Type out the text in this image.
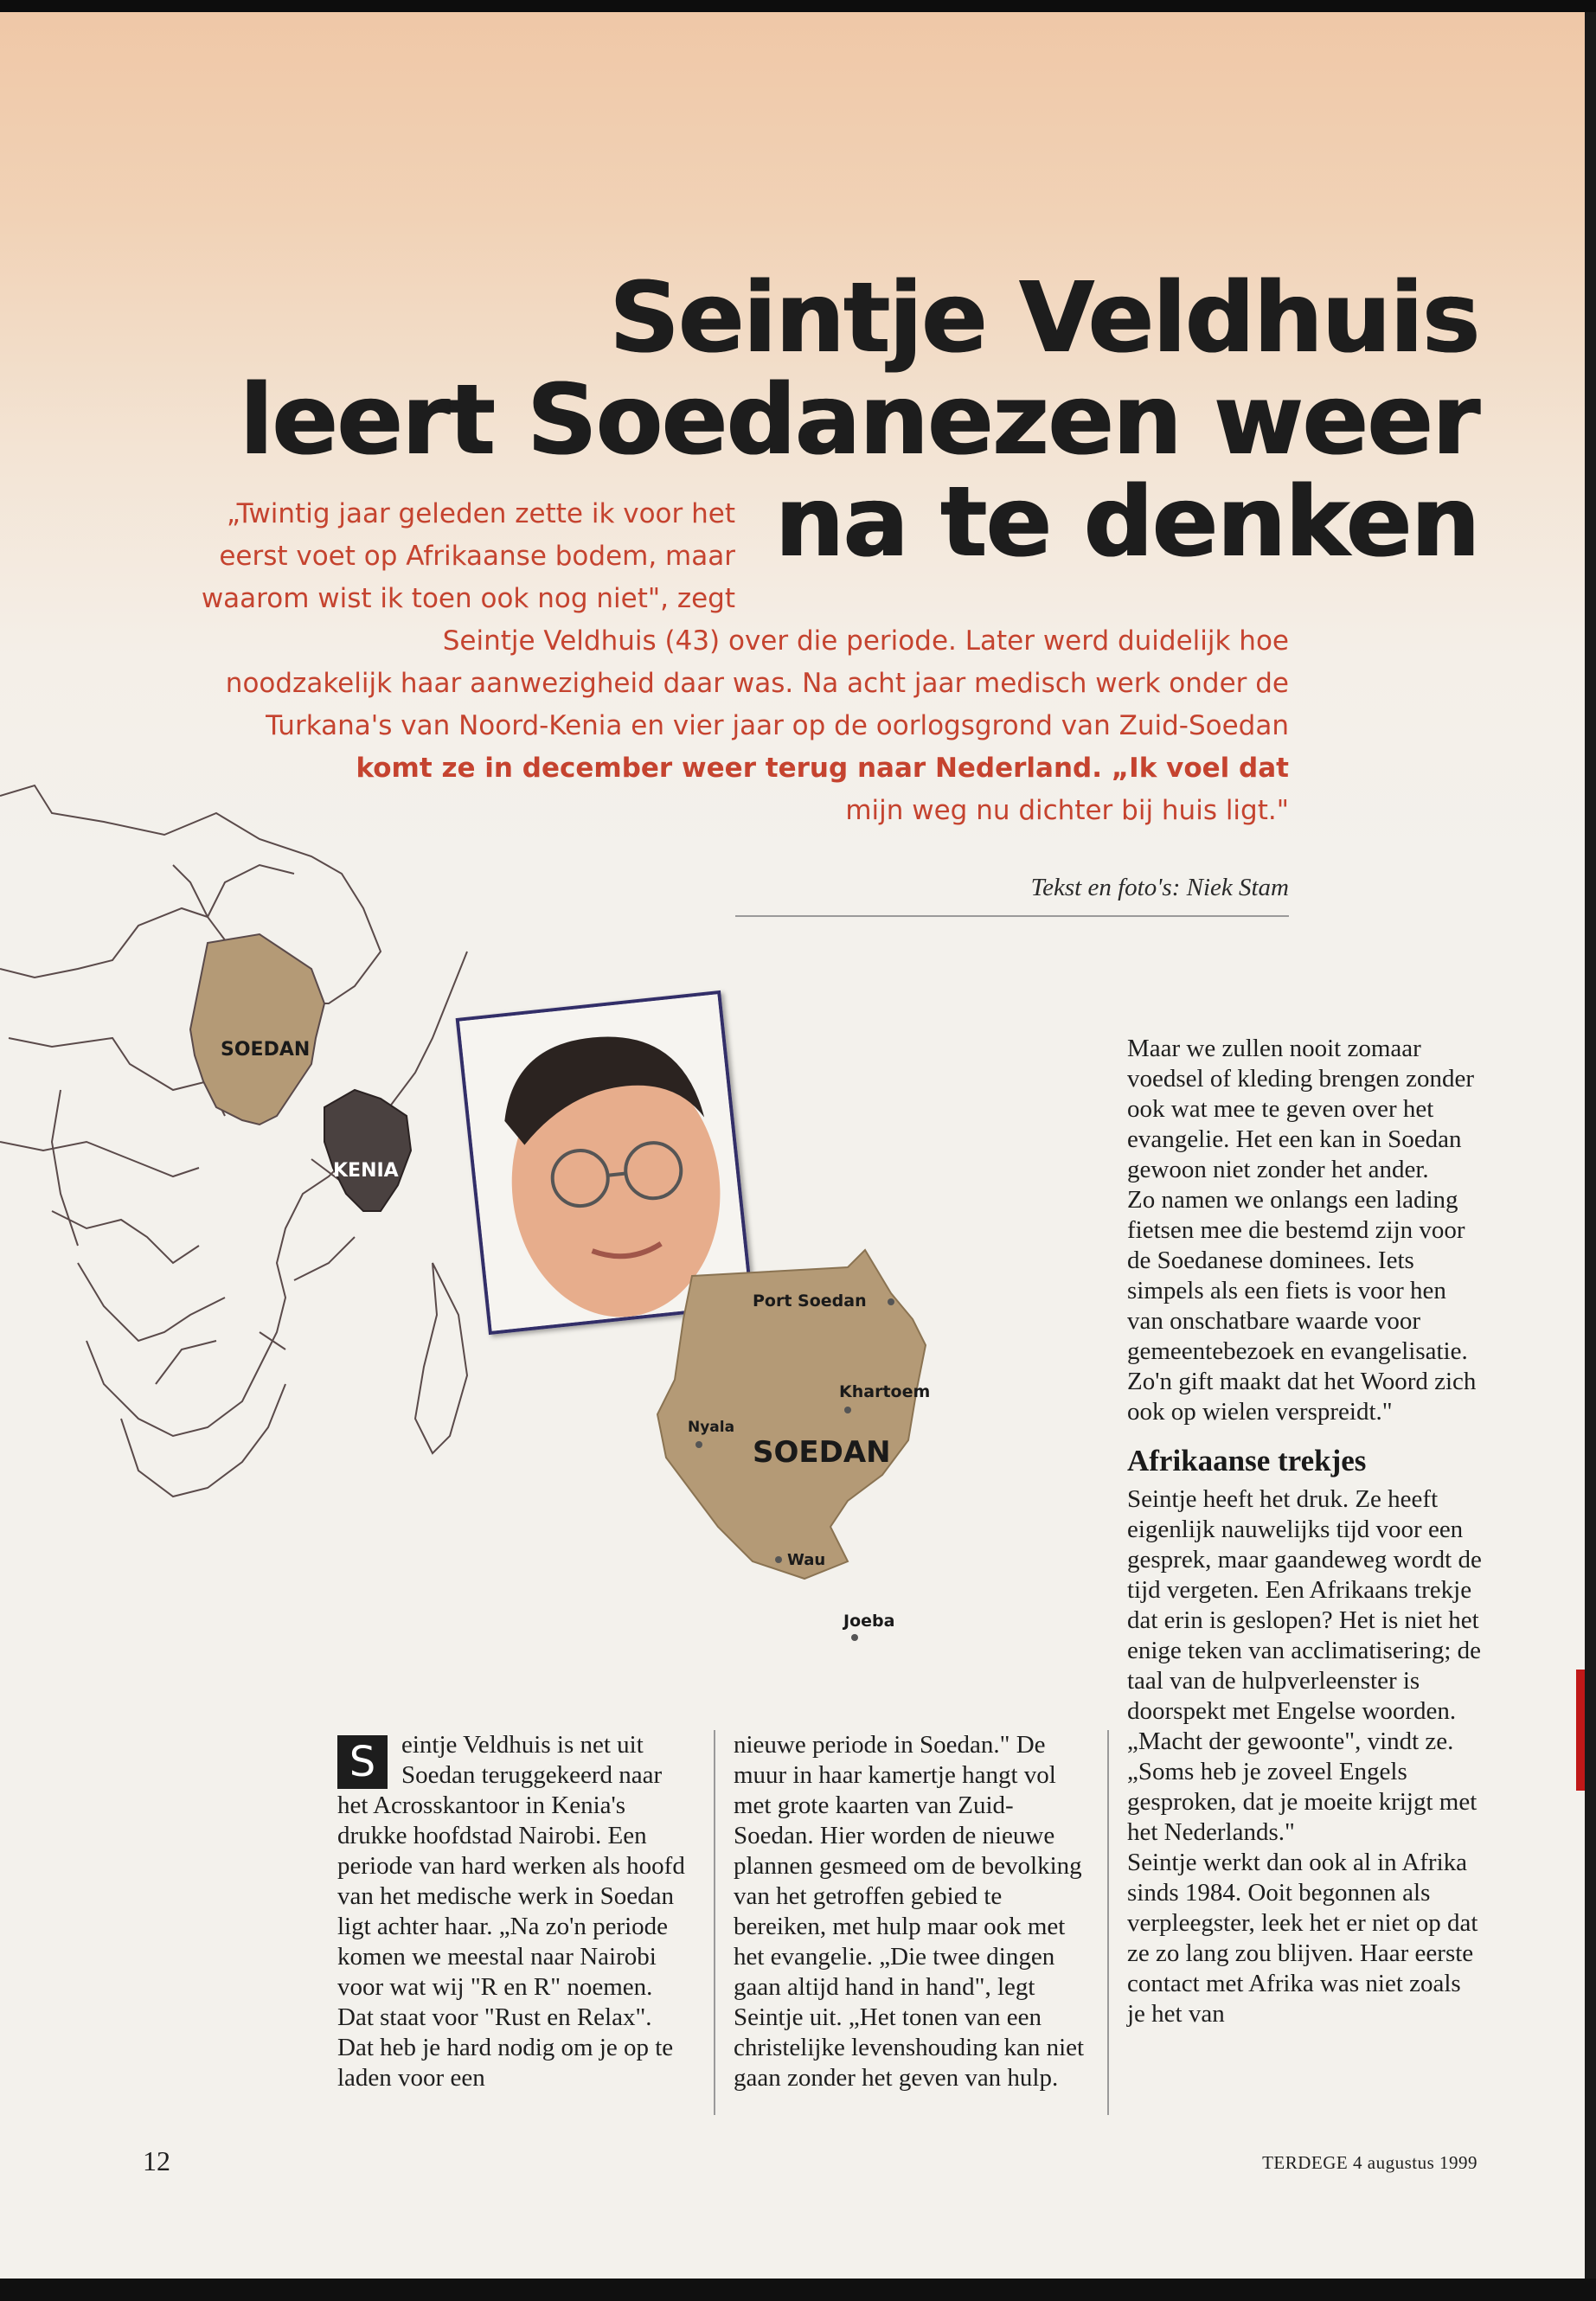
Seintje Veldhuis
leert Soedanezen weer
na te denken
„Twintig jaar geleden zette ik voor het
eerst voet op Afrikaanse bodem, maar
waarom wist ik toen ook nog niet", zegt
Seintje Veldhuis (43) over die periode. Later werd duidelijk hoe
noodzakelijk haar aanwezigheid daar was. Na acht jaar medisch werk onder de
Turkana's van Noord-Kenia en vier jaar op de oorlogsgrond van Zuid-Soedan
komt ze in december weer terug naar Nederland. „Ik voel dat
mijn weg nu dichter bij huis ligt."

Tekst en foto's: Niek Stam

SOEDAN
KENIA
Port Soedan
Khartoem
Nyala
SOEDAN
Wau
Joeba

Maar we zullen nooit zomaar voedsel of kleding brengen zonder ook wat mee te geven over het evangelie. Het een kan in Soedan gewoon niet zonder het ander.

Zo namen we onlangs een lading fietsen mee die bestemd zijn voor de Soedanese dominees. Iets simpels als een fiets is voor hen van onschatbare waarde voor gemeentebezoek en evangelisatie. Zo'n gift maakt dat het Woord zich ook op wielen verspreidt."

Afrikaanse trekjes

Seintje heeft het druk. Ze heeft eigenlijk nauwelijks tijd voor een gesprek, maar gaandeweg wordt de tijd vergeten. Een Afrikaans trekje dat erin is geslopen? Het is niet het enige teken van acclimatisering; de taal van de hulpverleenster is doorspekt met Engelse woorden. „Macht der gewoonte", vindt ze. „Soms heb je zoveel Engels gesproken, dat je moeite krijgt met het Nederlands."

Seintje werkt dan ook al in Afrika sinds 1984. Ooit begonnen als verpleegster, leek het er niet op dat ze zo lang zou blijven. Haar eerste contact met Afrika was niet zoals je het van

S	eintje Veldhuis is net uit Soedan teruggekeerd naar het Acrosskantoor in Kenia's drukke hoofdstad Nairobi. Een periode van hard werken als hoofd van het medische werk in Soedan ligt achter haar. „Na zo'n periode komen we meestal naar Nairobi voor wat wij "R en R" noemen. Dat staat voor "Rust en Relax". Dat heb je hard nodig om je op te laden voor een

nieuwe periode in Soedan." De muur in haar kamertje hangt vol met grote kaarten van Zuid-Soedan. Hier worden de nieuwe plannen gesmeed om de bevolking van het getroffen gebied te bereiken, met hulp maar ook met het evangelie. „Die twee dingen gaan altijd hand in hand", legt Seintje uit. „Het tonen van een christelijke levenshouding kan niet gaan zonder het geven van hulp.

12	TERDEGE 4 augustus 1999
